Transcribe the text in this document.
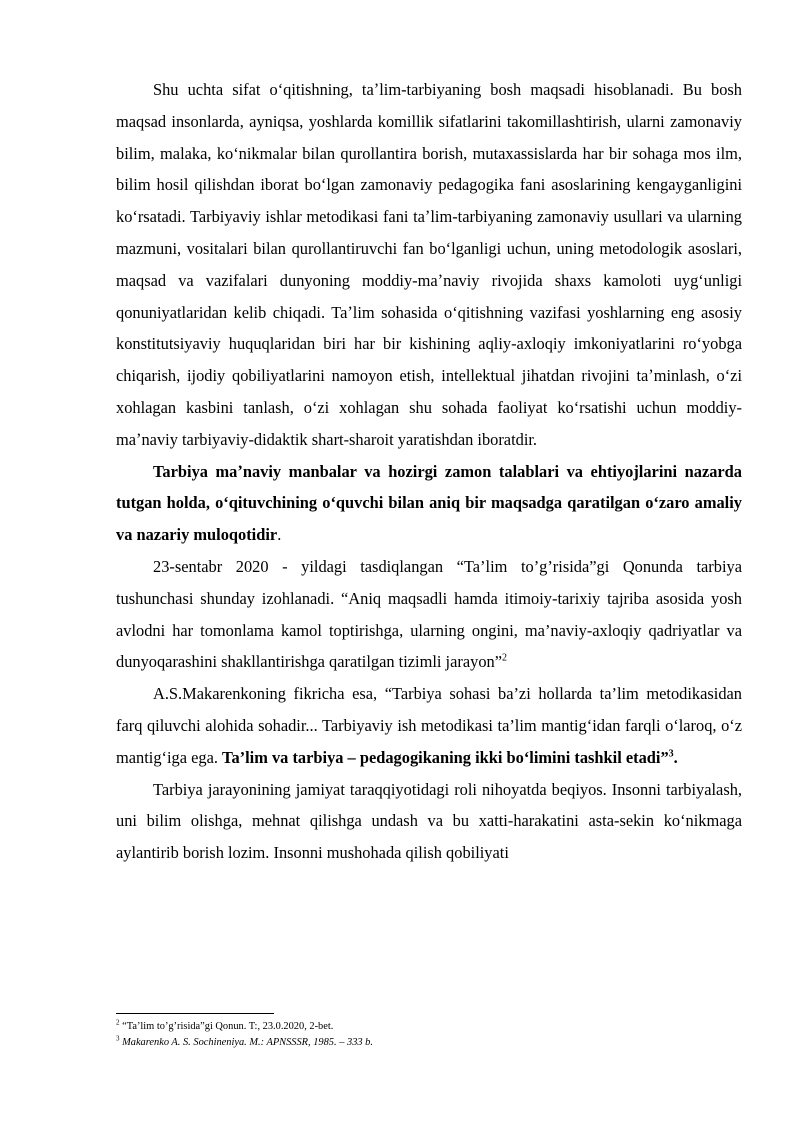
Shu uchta sifat oʻqitishning, taʼlim-tarbiyaning bosh maqsadi hisoblanadi. Bu bosh maqsad insonlarda, ayniqsa, yoshlarda komillik sifatlarini takomillashtirish, ularni zamonaviy bilim, malaka, koʻnikmalar bilan qurollantira borish, mutaxassislarda har bir sohaga mos ilm, bilim hosil qilishdan iborat boʻlgan zamonaviy pedagogika fani asoslarining kengayganligini koʻrsatadi. Tarbiyaviy ishlar metodikasi fani taʼlim-tarbiyaning zamonaviy usullari va ularning mazmuni, vositalari bilan qurollantiruvchi fan boʻlganligi uchun, uning metodologik asoslari, maqsad va vazifalari dunyoning moddiy-maʼnaviy rivojida shaxs kamoloti uygʻunligi qonuniyatlaridan kelib chiqadi. Taʼlim sohasida oʻqitishning vazifasi yoshlarning eng asosiy konstitutsiyaviy huquqlaridan biri har bir kishining aqliy-axloqiy imkoniyatlarini roʻyobga chiqarish, ijodiy qobiliyatlarini namoyon etish, intellektual jihatdan rivojini taʼminlash, oʻzi xohlagan kasbini tanlash, oʻzi xohlagan shu sohada faoliyat koʻrsatishi uchun moddiy-maʼnaviy tarbiyaviy-didaktik shart-sharoit yaratishdan iboratdir.

Tarbiya maʼnaviy manbalar va hozirgi zamon talablari va ehtiyojlarini nazarda tutgan holda, oʻqituvchining oʻquvchi bilan aniq bir maqsadga qaratilgan oʻzaro amaliy va nazariy muloqotidir.

23-sentabr 2020 - yildagi tasdiqlangan “Ta’lim to’g’risida”gi Qonunda tarbiya tushunchasi shunday izohlanadi. “Aniq maqsadli hamda itimoiy-tarixiy tajriba asosida yosh avlodni har tomonlama kamol toptirishga, ularning ongini, ma’naviy-axloqiy qadriyatlar va dunyoqarashini shakllantirishga qaratilgan tizimli jarayon”$^2$

A.S.Makarenkoning fikricha esa, “Tarbiya sohasi ba’zi hollarda ta’lim metodikasidan farq qiluvchi alohida sohadir... Tarbiyaviy ish metodikasi ta’lim mantigʻidan farqli oʻlaroq, oʻz mantigʻiga ega. Ta’lim va tarbiya – pedagogikaning ikki boʻlimini tashkil etadi”$^3$.

Tarbiya jarayonining jamiyat taraqqiyotidagi roli nihoyatda beqiyos. Insonni tarbiyalash, uni bilim olishga, mehnat qilishga undash va bu xatti-harakatini asta-sekin koʻnikmaga aylantirib borish lozim. Insonni mushohada qilish qobiliyati

$^2$ “Ta’lim to’g’risida”gi Qonun. T:, 23.0.2020, 2-bet.
$^3$ Makarenko A. S. Sochineniya. M.: APNSSSR, 1985. – 333 b.
